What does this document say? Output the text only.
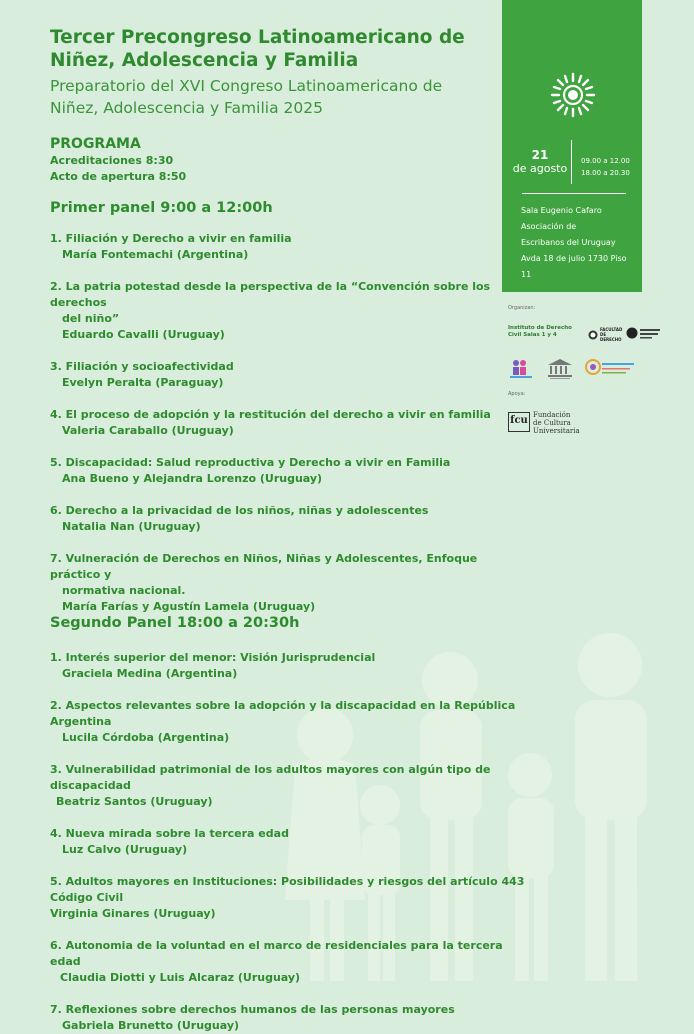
Tercer Precongreso Latinoamericano de
Niñez, Adolescencia y Familia

Preparatorio del XVI Congreso Latinoamericano de
Niñez, Adolescencia y Familia 2025

PROGRAMA
Acreditaciones 8:30
Acto de apertura 8:50
Primer panel 9:00 a 12:00h
1. Filiación y Derecho a vivir en familia
María Fontemachi (Argentina)
2. La patria potestad desde la perspectiva de la “Convención sobre los derechos
del niño”
Eduardo Cavalli (Uruguay)
3. Filiación y socioafectividad
Evelyn Peralta (Paraguay)
4. El proceso de adopción y la restitución del derecho a vivir en familia
Valeria Caraballo (Uruguay)
5. Discapacidad: Salud reproductiva y Derecho a vivir en Familia
Ana Bueno y Alejandra Lorenzo (Uruguay)
6. Derecho a la privacidad de los niños, niñas y adolescentes
Natalia Nan (Uruguay)
7. Vulneración de Derechos en Niños, Niñas y Adolescentes, Enfoque práctico y
normativa nacional.
María Farías y Agustín Lamela (Uruguay)
Segundo Panel 18:00 a 20:30h
1. Interés superior del menor: Visión Jurisprudencial
Graciela Medina (Argentina)
2. Aspectos relevantes sobre la adopción y la discapacidad en la República Argentina
Lucila Córdoba (Argentina)
3. Vulnerabilidad patrimonial de los adultos mayores con algún tipo de discapacidad
Beatriz Santos (Uruguay)
4. Nueva mirada sobre la tercera edad
Luz Calvo (Uruguay)
5. Adultos mayores en Instituciones: Posibilidades y riesgos del artículo 443 Código Civil
Virginia Ginares (Uruguay)
6. Autonomia de la voluntad en el marco de residenciales para la tercera edad
Claudia Diotti y Luis Alcaraz (Uruguay)
7. Reflexiones sobre derechos humanos de las personas mayores
Gabriela Brunetto (Uruguay)
21
de agosto
09.00 a 12.00
18.00 a 20.30
Sala Eugenio Cafaro
Asociación de
Escribanos del Uruguay
Avda 18 de julio 1730 Piso
11
Organizan:
Instituto de Derecho
Civil Salas 1 y 4
FACULTAD DE DERECHO
Apoya:
fcu Fundación
de Cultura
Universitaria
